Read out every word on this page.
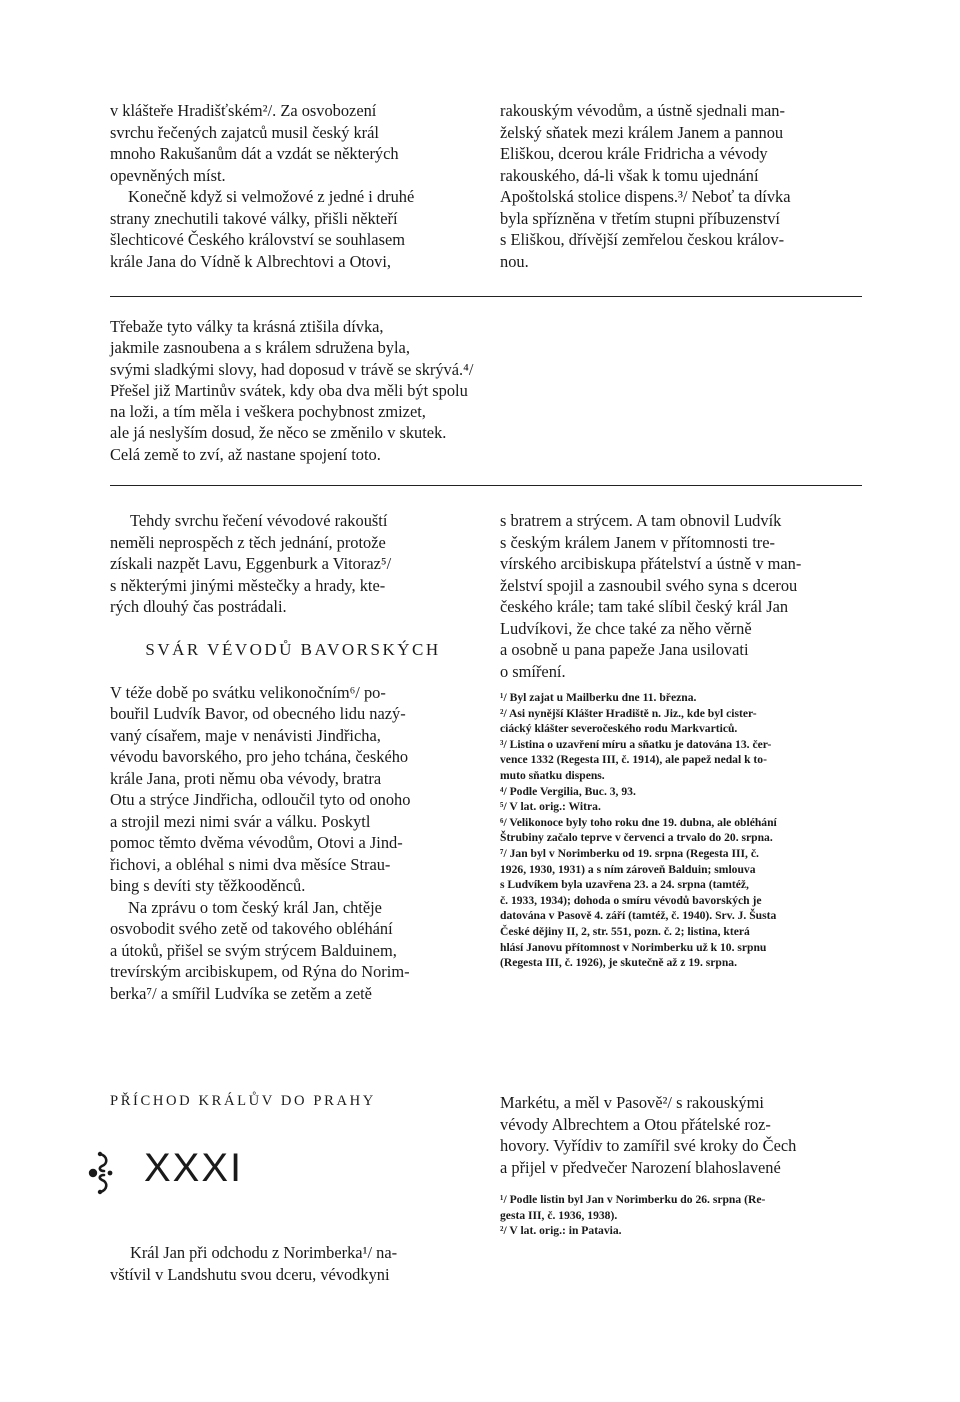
v klášteře Hradišťském²/. Za osvobození
svrchu řečených zajatců musil český král
mnoho Rakušanům dát a vzdát se některých
opevněných míst.

Konečně když si velmožové z jedné i druhé
strany znechutili takové války, přišli někteří
šlechticové Českého království se souhlasem
krále Jana do Vídně k Albrechtovi a Otovi,

rakouským vévodům, a ústně sjednali man-
želský sňatek mezi králem Janem a pannou
Eliškou, dcerou krále Fridricha a vévody
rakouského, dá-li však k tomu ujednání
Apoštolská stolice dispens.³/ Neboť ta dívka
byla spřízněna v třetím stupni příbuzenství
s Eliškou, dřívější zemřelou českou králov-
nou.

Třebaže tyto války ta krásná ztišila dívka,
jakmile zasnoubena a s králem sdružena byla,
svými sladkými slovy, had doposud v trávě se skrývá.⁴/
Přešel již Martinův svátek, kdy oba dva měli být spolu
na loži, a tím měla i veškera pochybnost zmizet,
ale já neslyším dosud, že něco se změnilo v skutek.
Celá země to zví, až nastane spojení toto.

Tehdy svrchu řečení vévodové rakouští
neměli neprospěch z těch jednání, protože
získali nazpět Lavu, Eggenburk a Vitoraz⁵/
s některými jinými městečky a hrady, kte-
rých dlouhý čas postrádali.

SVÁR VÉVODŮ BAVORSKÝCH

V téže době po svátku velikonočním⁶/ po-
bouřil Ludvík Bavor, od obecného lidu nazý-
vaný císařem, maje v nenávisti Jindřicha,
vévodu bavorského, pro jeho tchána, českého
krále Jana, proti němu oba vévody, bratra
Otu a strýce Jindřicha, odloučil tyto od onoho
a strojil mezi nimi svár a válku. Poskytl
pomoc těmto dvěma vévodům, Otovi a Jind-
řichovi, a obléhal s nimi dva měsíce Strau-
bing s devíti sty těžkooděnců.

Na zprávu o tom český král Jan, chtěje
osvobodit svého zetě od takového obléhání
a útoků, přišel se svým strýcem Balduinem,
trevírským arcibiskupem, od Rýna do Norim-
berka⁷/ a smířil Ludvíka se zetěm a zetě

s bratrem a strýcem. A tam obnovil Ludvík
s českým králem Janem v přítomnosti tre-
vírského arcibiskupa přátelství a ústně v man-
želství spojil a zasnoubil svého syna s dcerou
českého krále; tam také slíbil český král Jan
Ludvíkovi, že chce také za něho věrně
a osobně u pana papeže Jana usilovati
o smíření.

¹/ Byl zajat u Mailberku dne 11. března.

²/ Asi nynější Klášter Hradiště n. Jiz., kde byl cister-

ciácký klášter severočeského rodu Markvarticů.

³/ Listina o uzavření míru a sňatku je datována 13. čer-

vence 1332 (Regesta III, č. 1914), ale papež nedal k to-

muto sňatku dispens.

⁴/ Podle Vergilia, Buc. 3, 93.

⁵/ V lat. orig.: Witra.

⁶/ Velikonoce byly toho roku dne 19. dubna, ale obléhání

Štrubiny začalo teprve v červenci a trvalo do 20. srpna.

⁷/ Jan byl v Norimberku od 19. srpna (Regesta III, č.

1926, 1930, 1931) a s ním zároveň Balduin; smlouva

s Ludvíkem byla uzavřena 23. a 24. srpna (tamtéž,

č. 1933, 1934); dohoda o smíru vévodů bavorských je

datována v Pasově 4. září (tamtéž, č. 1940). Srv. J. Šusta

České dějiny II, 2, str. 551, pozn. č. 2; listina, která

hlásí Janovu přítomnost v Norimberku už k 10. srpnu

(Regesta III, č. 1926), je skutečně až z 19. srpna.

PŘÍCHOD KRÁLŮV DO PRAHY
XXXI
Král Jan při odchodu z Norimberka¹/ na-
vštívil v Landshutu svou dceru, vévodkyni
Markétu, a měl v Pasově²/ s rakouskými
vévody Albrechtem a Otou přátelské roz-
hovory. Vyřídiv to zamířil své kroky do Čech
a přijel v předvečer Narození blahoslavené

¹/ Podle listin byl Jan v Norimberku do 26. srpna (Re-

gesta III, č. 1936, 1938).

²/ V lat. orig.: in Patavia.
